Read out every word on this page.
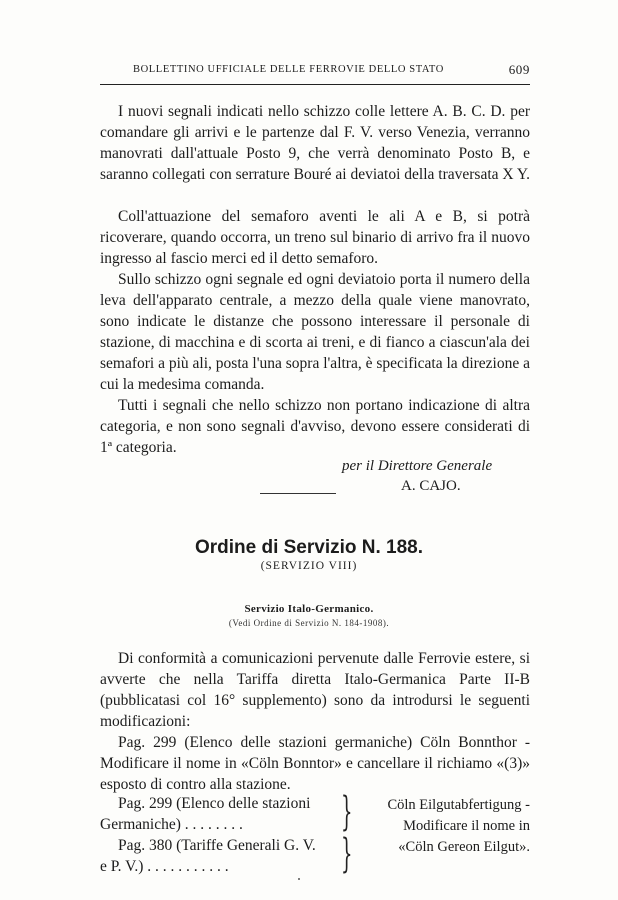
BOLLETTINO UFFICIALE DELLE FERROVIE DELLO STATO	609

I nuovi segnali indicati nello schizzo colle lettere A. B. C. D. per comandare gli arrivi e le partenze dal F. V. verso Venezia, verranno manovrati dall'attuale Posto 9, che verrà denominato Posto B, e saranno collegati con serrature Bouré ai deviatoi della traversata X Y.

Coll'attuazione del semaforo aventi le ali A e B, si potrà ricoverare, quando occorra, un treno sul binario di arrivo fra il nuovo ingresso al fascio merci ed il detto semaforo.

Sullo schizzo ogni segnale ed ogni deviatoio porta il numero della leva dell'apparato centrale, a mezzo della quale viene manovrato, sono indicate le distanze che possono interessare il personale di stazione, di macchina e di scorta ai treni, e di fianco a ciascun'ala dei semafori a più ali, posta l'una sopra l'altra, è specificata la direzione a cui la medesima comanda.

Tutti i segnali che nello schizzo non portano indicazione di altra categoria, e non sono segnali d'avviso, devono essere considerati di 1ª categoria.

per il Direttore Generale
A. CAJO.
Ordine di Servizio N. 188.
(SERVIZIO VIII)
Servizio Italo-Germanico.
(Vedi Ordine di Servizio N. 184-1908).

Di conformità a comunicazioni pervenute dalle Ferrovie estere, si avverte che nella Tariffa diretta Italo-Germanica Parte II-B (pubblicatasi col 16° supplemento) sono da introdursi le seguenti modificazioni:

Pag. 299 (Elenco delle stazioni germaniche) Cöln Bonnthor - Modificare il nome in «Cöln Bonntor» e cancellare il richiamo «(3)» esposto di contro alla stazione.

Pag. 299 (Elenco delle stazioni
Germaniche) . . . . . . . .
Pag. 380 (Tariffe Generali G. V.
e P. V.) . . . . . . . . . . .
}
}
Cöln Eilgutabfertigung -
Modificare il nome in
«Cöln Gereon Eilgut».
